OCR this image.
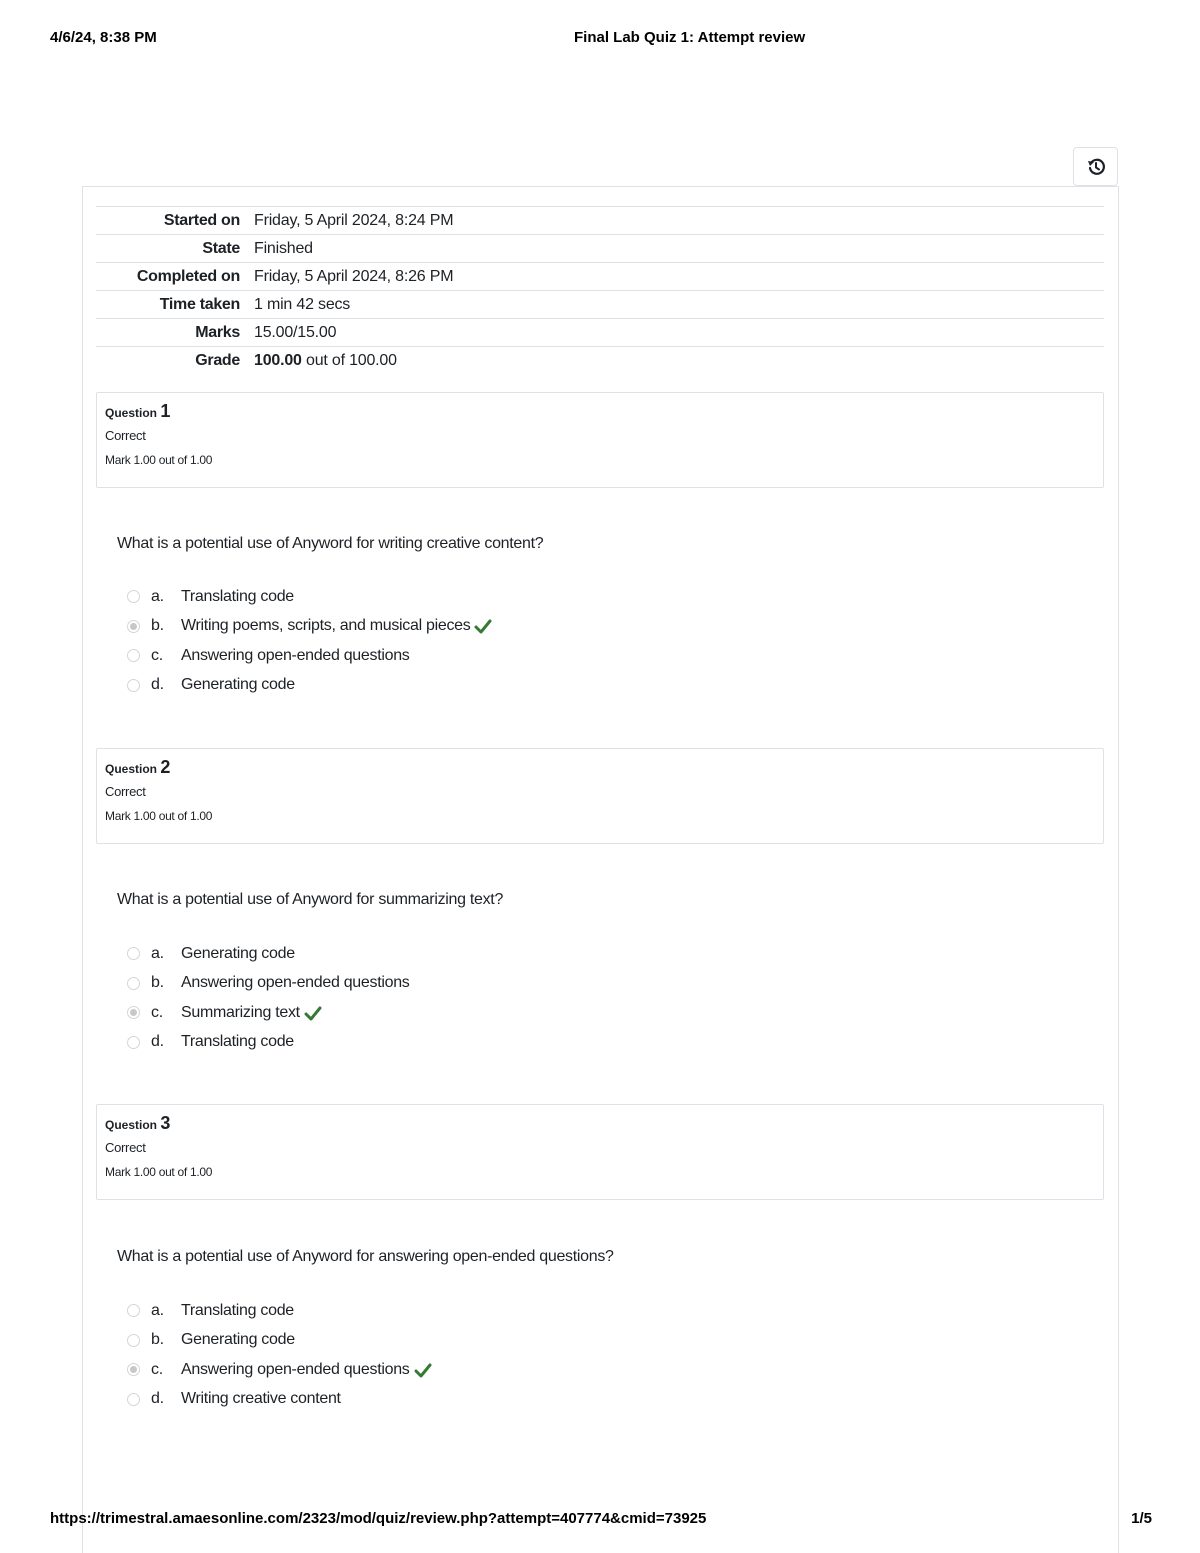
4/6/24, 8:38 PM	Final Lab Quiz 1: Attempt review
Started on Friday, 5 April 2024, 8:24 PM
State Finished
Completed on Friday, 5 April 2024, 8:26 PM
Time taken 1 min 42 secs
Marks 15.00/15.00
Grade 100.00 out of 100.00
Question 1
Correct
Mark 1.00 out of 1.00
What is a potential use of Anyword for writing creative content?
a.	Translating code
b.	Writing poems, scripts, and musical pieces
c.	Answering open-ended questions
d.	Generating code
Question 2
Correct
Mark 1.00 out of 1.00
What is a potential use of Anyword for summarizing text?
a.	Generating code
b.	Answering open-ended questions
c.	Summarizing text
d.	Translating code
Question 3
Correct
Mark 1.00 out of 1.00
What is a potential use of Anyword for answering open-ended questions?
a.	Translating code
b.	Generating code
c.	Answering open-ended questions
d.	Writing creative content
https://trimestral.amaesonline.com/2323/mod/quiz/review.php?attempt=407774&cmid=73925	1/5
